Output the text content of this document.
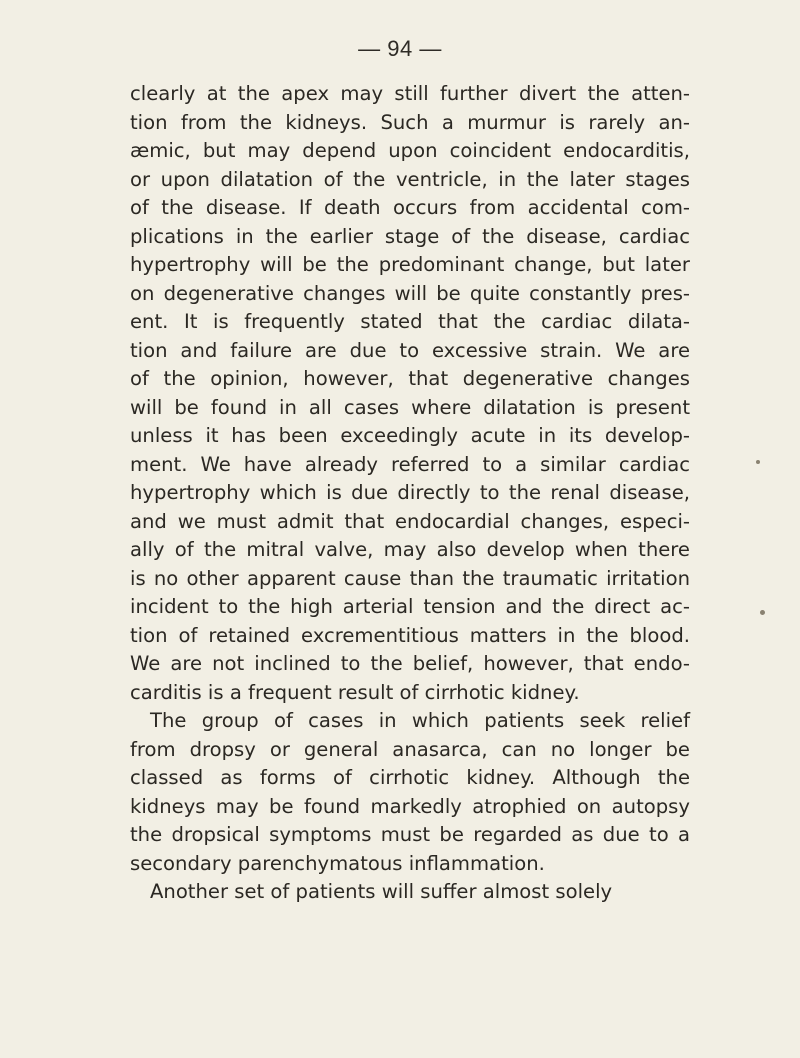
— 94 —
clearly at the apex may still further divert the atten-
tion from the kidneys. Such a murmur is rarely an-
æmic, but may depend upon coincident endocarditis,
or upon dilatation of the ventricle, in the later stages
of the disease. If death occurs from accidental com-
plications in the earlier stage of the disease, cardiac
hypertrophy will be the predominant change, but later
on degenerative changes will be quite constantly pres-
ent. It is frequently stated that the cardiac dilata-
tion and failure are due to excessive strain. We are
of the opinion, however, that degenerative changes
will be found in all cases where dilatation is present
unless it has been exceedingly acute in its develop-
ment. We have already referred to a similar cardiac
hypertrophy which is due directly to the renal disease,
and we must admit that endocardial changes, especi-
ally of the mitral valve, may also develop when there
is no other apparent cause than the traumatic irritation
incident to the high arterial tension and the direct ac-
tion of retained excrementitious matters in the blood.
We are not inclined to the belief, however, that endo-
carditis is a frequent result of cirrhotic kidney.
The group of cases in which patients seek relief
from dropsy or general anasarca, can no longer be
classed as forms of cirrhotic kidney. Although the
kidneys may be found markedly atrophied on autopsy
the dropsical symptoms must be regarded as due to a
secondary parenchymatous inflammation.
Another set of patients will suffer almost solely
